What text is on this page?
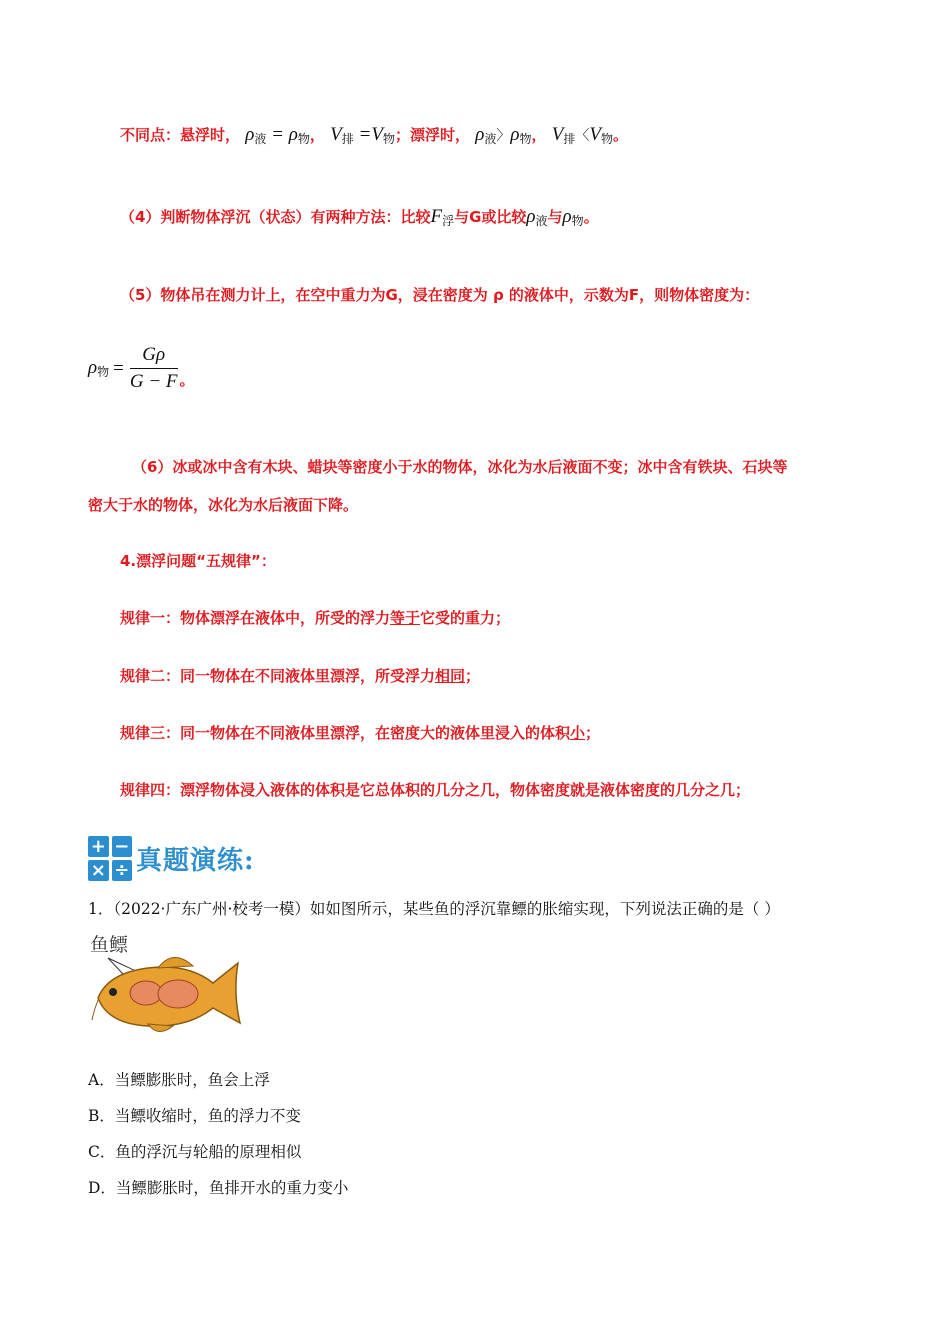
不同点：悬浮时， $\rho_液 = \rho_物$， $V_排 =V_物$；漂浮时， $\rho_液$〉$\rho_物$， $V_排$〈$V_物$。
（4）判断物体浮沉（状态）有两种方法：比较$F_浮$与G或比较$\rho_液$与$\rho_物$。
（5）物体吊在测力计上，在空中重力为G，浸在密度为 ρ 的液体中，示数为F，则物体密度为：
$\rho_物 = \frac{G\rho}{G - F}$ 。
（6）冰或冰中含有木块、蜡块等密度小于水的物体，冰化为水后液面不变；冰中含有铁块、石块等
密大于水的物体，冰化为水后液面下降。
4.漂浮问题“五规律”：
规律一：物体漂浮在液体中，所受的浮力等于它受的重力；
规律二：同一物体在不同液体里漂浮，所受浮力相同；
规律三：同一物体在不同液体里漂浮，在密度大的液体里浸入的体积小；
规律四：漂浮物体浸入液体的体积是它总体积的几分之几，物体密度就是液体密度的几分之几；
+ −
× ÷ 真题演练:
1．（2022·广东广州·校考一模）如如图所示，某些鱼的浮沉靠鳔的胀缩实现，下列说法正确的是（ ）
鱼鳔
A．当鳔膨胀时，鱼会上浮
B．当鳔收缩时，鱼的浮力不变
C．鱼的浮沉与轮船的原理相似
D．当鳔膨胀时，鱼排开水的重力变小
